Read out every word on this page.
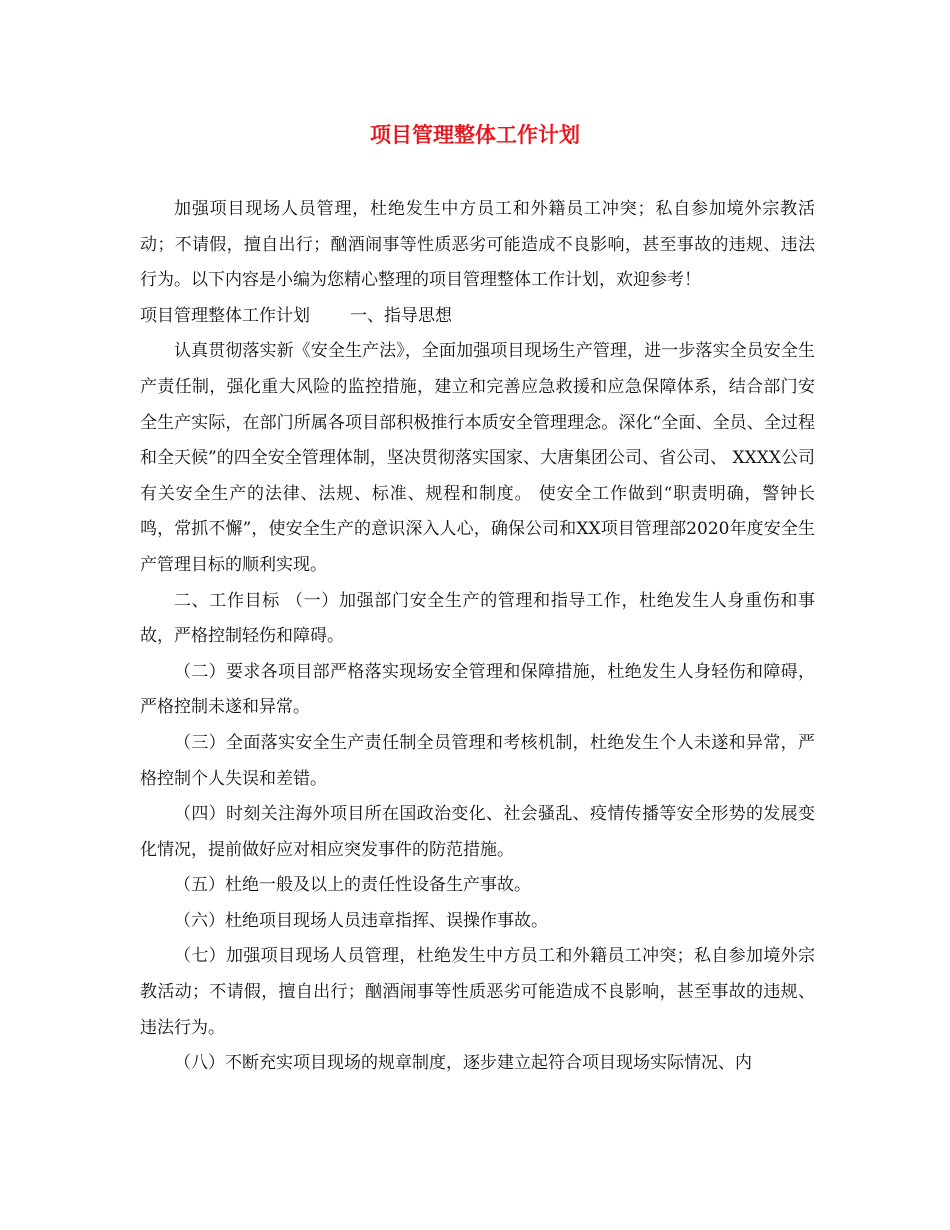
项目管理整体工作计划

加强项目现场人员管理，杜绝发生中方员工和外籍员工冲突；私自参加境外宗教活动；不请假，擅自出行；酗酒闹事等性质恶劣可能造成不良影响，甚至事故的违规、违法行为。以下内容是小编为您精心整理的项目管理整体工作计划，欢迎参考！

项目管理整体工作计划 一、指导思想

认真贯彻落实新《安全生产法》，全面加强项目现场生产管理，进一步落实全员安全生产责任制，强化重大风险的监控措施，建立和完善应急救援和应急保障体系，结合部门安全生产实际，在部门所属各项目部积极推行本质安全管理理念。深化“全面、全员、全过程和全天候”的四全安全管理体制，坚决贯彻落实国家、大唐集团公司、省公司、 XXXX公司有关安全生产的法律、法规、标准、规程和制度。 使安全工作做到“职责明确，警钟长鸣，常抓不懈”，使安全生产的意识深入人心，确保公司和XX项目管理部2020年度安全生产管理目标的顺利实现。

二、工作目标 （一）加强部门安全生产的管理和指导工作，杜绝发生人身重伤和事故，严格控制轻伤和障碍。

（二）要求各项目部严格落实现场安全管理和保障措施，杜绝发生人身轻伤和障碍，严格控制未遂和异常。

（三）全面落实安全生产责任制全员管理和考核机制，杜绝发生个人未遂和异常，严格控制个人失误和差错。

（四）时刻关注海外项目所在国政治变化、社会骚乱、疫情传播等安全形势的发展变化情况，提前做好应对相应突发事件的防范措施。

（五）杜绝一般及以上的责任性设备生产事故。

（六）杜绝项目现场人员违章指挥、误操作事故。

（七）加强项目现场人员管理，杜绝发生中方员工和外籍员工冲突；私自参加境外宗教活动；不请假，擅自出行；酗酒闹事等性质恶劣可能造成不良影响，甚至事故的违规、违法行为。

（八）不断充实项目现场的规章制度，逐步建立起符合项目现场实际情况、内
